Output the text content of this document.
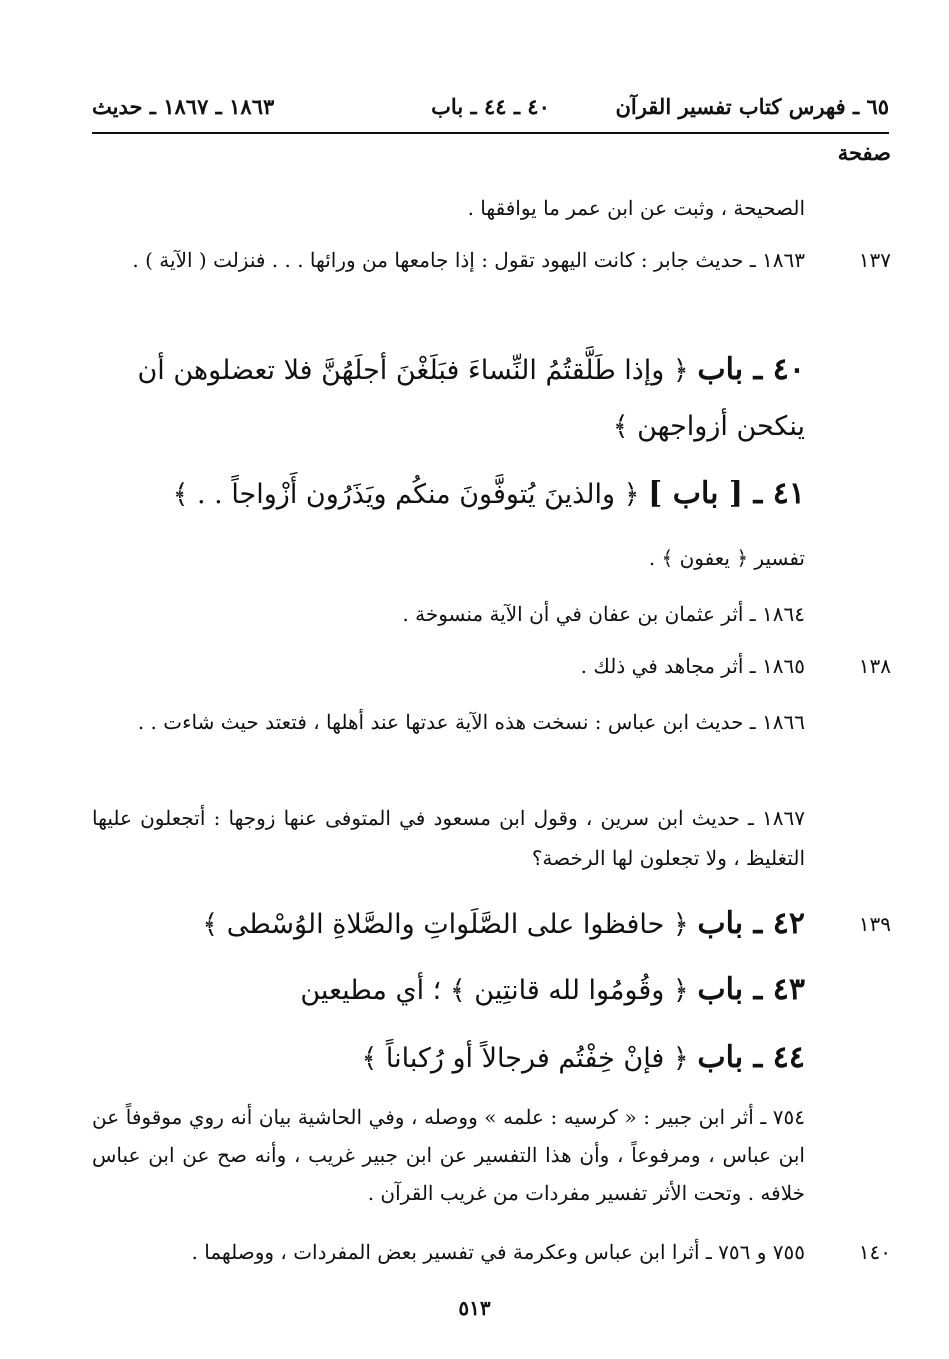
٦٥ ـ فهرس كتاب تفسير القرآن
٤٠ ـ ٤٤ ـ باب
١٨٦٣ ـ ١٨٦٧ ـ حديث
صفحة
الصحيحة ، وثبت عن ابن عمر ما يوافقها .
١٣٧
١٨٦٣ ـ حديث جابر : كانت اليهود تقول : إذا جامعها من ورائها . . . فنزلت ( الآية ) .
٤٠ ـ باب ﴿ وإذا طَلَّقتُمُ النِّساءَ فبَلَغْنَ أجلَهُنَّ فلا تعضلوهن أن ينكحن أزواجهن ﴾
٤١ ـ [ باب ] ﴿ والذينَ يُتوفَّونَ منكُم ويَذَرُون أَزْواجاً . . ﴾
تفسير ﴿ يعفون ﴾ .
١٨٦٤ ـ أثر عثمان بن عفان في أن الآية منسوخة .
١٣٨
١٨٦٥ ـ أثر مجاهد في ذلك .
١٨٦٦ ـ حديث ابن عباس : نسخت هذه الآية عدتها عند أهلها ، فتعتد حيث شاءت . .
١٨٦٧ ـ حديث ابن سرين ، وقول ابن مسعود في المتوفى عنها زوجها : أتجعلون عليها التغليظ ، ولا تجعلون لها الرخصة؟
١٣٩
٤٢ ـ باب ﴿ حافظوا على الصَّلَواتِ والصَّلاةِ الوُسْطى ﴾
٤٣ ـ باب ﴿ وقُومُوا لله قانتِين ﴾ ؛ أي مطيعين
٤٤ ـ باب ﴿ فإنْ خِفْتُم فرجالاً أو رُكباناً ﴾
٧٥٤ ـ أثر ابن جبير : « كرسيه : علمه » ووصله ، وفي الحاشية بيان أنه روي موقوفاً عن ابن عباس ، ومرفوعاً ، وأن هذا التفسير عن ابن جبير غريب ، وأنه صح عن ابن عباس خلافه . وتحت الأثر تفسير مفردات من غريب القرآن .
١٤٠
٧٥٥ و ٧٥٦ ـ أثرا ابن عباس وعكرمة في تفسير بعض المفردات ، ووصلهما .
٥١٣
